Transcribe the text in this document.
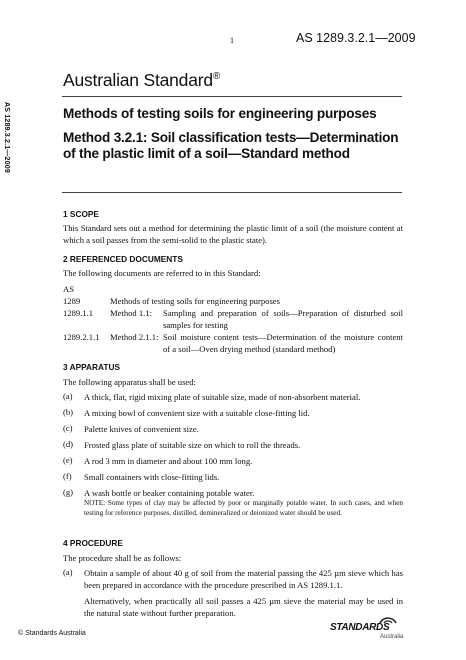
1	AS 1289.3.2.1—2009
AS 1289.3.2.1—2009
Australian Standard®
Methods of testing soils for engineering purposes
Method 3.2.1: Soil classification tests—Determination of the plastic limit of a soil—Standard method
1 SCOPE
This Standard sets out a method for determining the plastic limit of a soil (the moisture content at which a soil passes from the semi-solid to the plastic state).
2 REFERENCED DOCUMENTS
The following documents are referred to in this Standard:
AS
1289	Methods of testing soils for engineering purposes
1289.1.1 Method 1.1: Sampling and preparation of soils—Preparation of disturbed soil samples for testing
1289.2.1.1 Method 2.1.1: Soil moisture content tests—Determination of the moisture content of a soil—Oven drying method (standard method)
3 APPARATUS
The following apparatus shall be used:
(a) A thick, flat, rigid mixing plate of suitable size, made of non-absorbent material.
(b) A mixing bowl of convenient size with a suitable close-fitting lid.
(c) Palette knives of convenient size.
(d) Frosted glass plate of suitable size on which to roll the threads.
(e) A rod 3 mm in diameter and about 100 mm long.
(f) Small containers with close-fitting lids.
(g) A wash bottle or beaker containing potable water.
NOTE: Some types of clay may be affected by poor or marginally potable water. In such cases, and when testing for reference purposes, distilled, demineralized or deionized water should be used.
4 PROCEDURE
The procedure shall be as follows:
(a) Obtain a sample of about 40 g of soil from the material passing the 425 µm sieve which has been prepared in accordance with the procedure prescribed in AS 1289.1.1.
Alternatively, when practically all soil passes a 425 µm sieve the material may be used in the natural state without further preparation.
© Standards Australia
STANDARDS
Australia
